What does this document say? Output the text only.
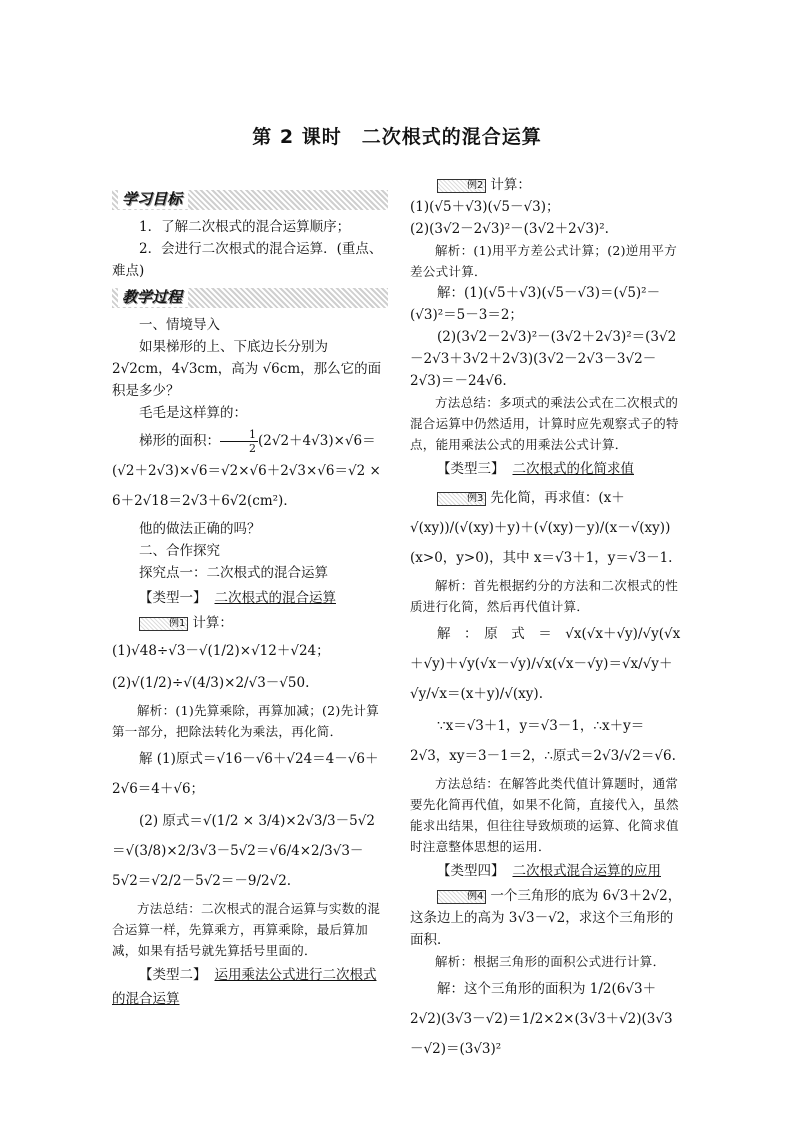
第 2 课时　二次根式的混合运算
学习目标

1．了解二次根式的混合运算顺序；

2．会进行二次根式的混合运算．(重点、难点)

教学过程

一、情境导入

如果梯形的上、下底边长分别为 2√2cm，4√3cm，高为 √6cm，那么它的面积是多少？

毛毛是这样算的：

梯形的面积： $\frac{1}{2} (2√2+4√3)\times√6=(√2+2√3)\times√6=√2\times√6+2√3\times√6=√2 \times 6+2√18=2√3+6√2(cm^2)$．

他的做法正确的吗？

二、合作探究

探究点一：二次根式的混合运算

【类型一】 二次根式的混合运算

例1 计算：

(1)√48÷√3－√(1/2)×√12＋√24；

(2)√(1/2)÷√(4/3)×2/√3－√50.

解析：(1)先算乘除，再算加减；(2)先计算第一部分，把除法转化为乘法，再化简．

解 (1)原式＝√16－√6＋√24＝4－√6＋2√6＝4＋√6；

(2) 原式＝√(1/2 × 3/4)×2√3/3－5√2＝√(3/8)×2/3√3－5√2＝√6/4×2/3√3－5√2＝√2/2－5√2＝－9/2√2.

方法总结：二次根式的混合运算与实数的混合运算一样，先算乘方，再算乘除，最后算加减，如果有括号就先算括号里面的．

【类型二】 运用乘法公式进行二次根式的混合运算

例2 计算：

(1)(√5＋√3)(√5－√3)；

(2)(3√2－2√3)²－(3√2＋2√3)².

解析：(1)用平方差公式计算；(2)逆用平方差公式计算．

解：(1)(√5＋√3)(√5－√3)＝(√5)²－(√3)²＝5－3＝2；

(2)(3√2－2√3)²－(3√2＋2√3)²＝(3√2－2√3＋3√2＋2√3)(3√2－2√3－3√2－2√3)＝－24√6.

方法总结：多项式的乘法公式在二次根式的混合运算中仍然适用，计算时应先观察式子的特点，能用乘法公式的用乘法公式计算．

【类型三】 二次根式的化简求值

例3 先化简，再求值：(x＋√(xy))/(√(xy)＋y)＋(√(xy)－y)/(x－√(xy)) (x>0，y>0)，其中 x＝√3＋1，y＝√3－1.

解析：首先根据约分的方法和二次根式的性质进行化简，然后再代值计算．

解　：　原　式　＝　√x(√x＋√y)/√y(√x＋√y)＋√y(√x－√y)/√x(√x－√y)＝√x/√y＋√y/√x＝(x＋y)/√(xy).

∵x＝√3＋1，y＝√3－1，∴x＋y＝2√3，xy＝3－1＝2，∴原式＝2√3/√2＝√6.

方法总结：在解答此类代值计算题时，通常要先化简再代值，如果不化简，直接代入，虽然能求出结果，但往往导致烦琐的运算、化简求值时注意整体思想的运用．

【类型四】 二次根式混合运算的应用

例4 一个三角形的底为 6√3＋2√2，这条边上的高为 3√3－√2，求这个三角形的面积．

解析：根据三角形的面积公式进行计算．

解：这个三角形的面积为 1/2(6√3＋2√2)(3√3－√2)＝1/2×2×(3√3＋√2)(3√3－√2)＝(3√3)²
